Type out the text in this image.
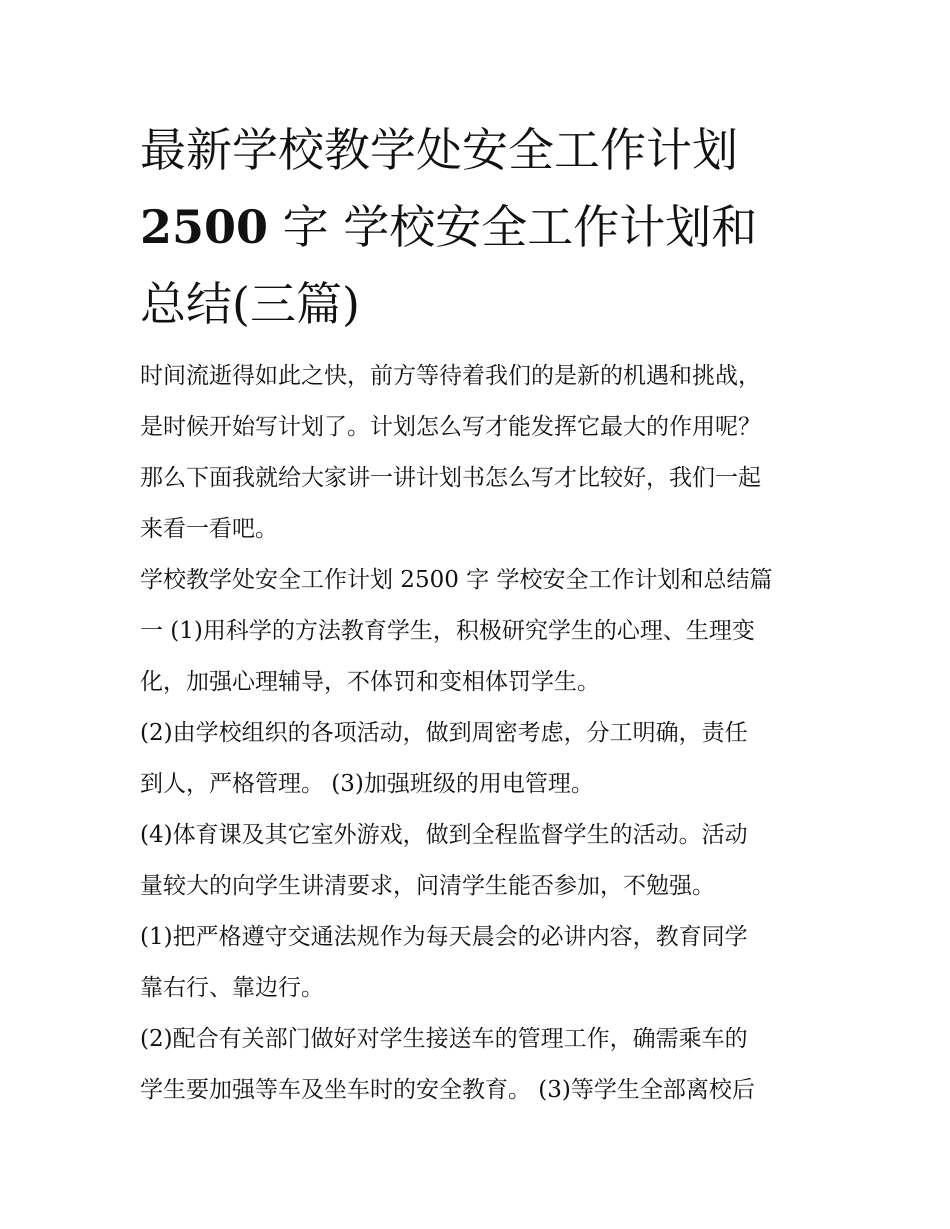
最新学校教学处安全工作计划
2500 字 学校安全工作计划和
总结(三篇)

时间流逝得如此之快，前方等待着我们的是新的机遇和挑战，
是时候开始写计划了。计划怎么写才能发挥它最大的作用呢？
那么下面我就给大家讲一讲计划书怎么写才比较好，我们一起
来看一看吧。

学校教学处安全工作计划 2500 字 学校安全工作计划和总结篇
一 (1)用科学的方法教育学生，积极研究学生的心理、生理变
化，加强心理辅导，不体罚和变相体罚学生。

(2)由学校组织的各项活动，做到周密考虑，分工明确，责任
到人，严格管理。 (3)加强班级的用电管理。

(4)体育课及其它室外游戏，做到全程监督学生的活动。活动
量较大的向学生讲清要求，问清学生能否参加，不勉强。

(1)把严格遵守交通法规作为每天晨会的必讲内容，教育同学
靠右行、靠边行。

(2)配合有关部门做好对学生接送车的管理工作，确需乘车的
学生要加强等车及坐车时的安全教育。 (3)等学生全部离校后
